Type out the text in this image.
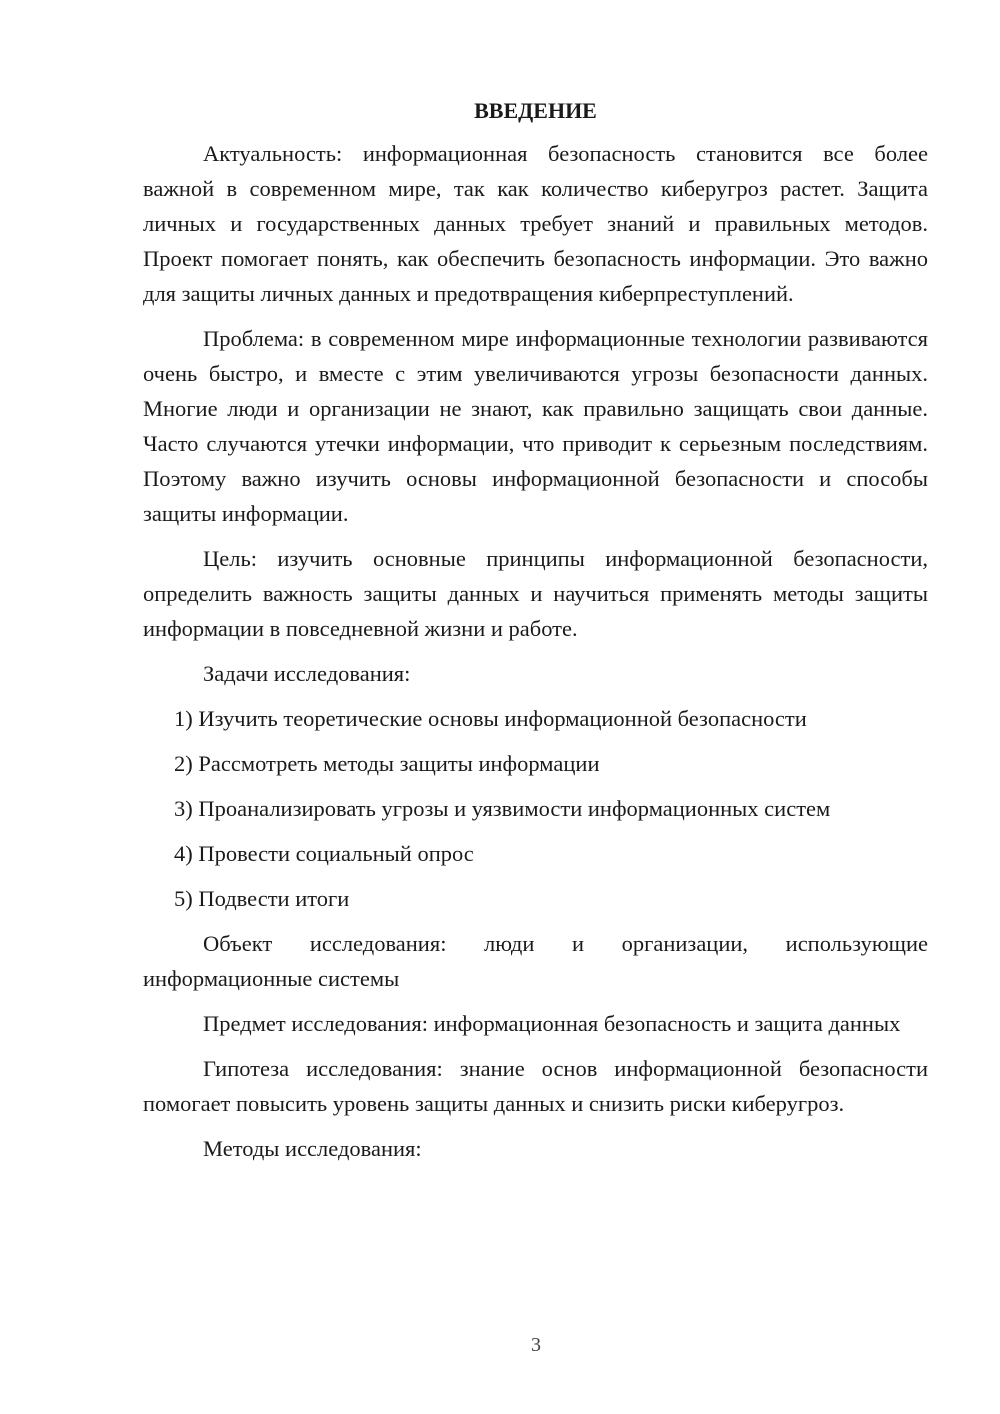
ВВЕДЕНИЕ

Актуальность: информационная безопасность становится все более важной в современном мире, так как количество киберугроз растет. Защита личных и государственных данных требует знаний и правильных методов. Проект помогает понять, как обеспечить безопасность информации. Это важно для защиты личных данных и предотвращения киберпреступлений.

Проблема: в современном мире информационные технологии развиваются очень быстро, и вместе с этим увеличиваются угрозы безопасности данных. Многие люди и организации не знают, как правильно защищать свои данные. Часто случаются утечки информации, что приводит к серьезным последствиям. Поэтому важно изучить основы информационной безопасности и способы защиты информации.

Цель: изучить основные принципы информационной безопасности, определить важность защиты данных и научиться применять методы защиты информации в повседневной жизни и работе.

Задачи исследования:

1) Изучить теоретические основы информационной безопасности
2) Рассмотреть методы защиты информации
3) Проанализировать угрозы и уязвимости информационных систем
4) Провести социальный опрос
5) Подвести итоги

Объект исследования: люди и организации, использующие информационные системы

Предмет исследования: информационная безопасность и защита данных

Гипотеза исследования: знание основ информационной безопасности помогает повысить уровень защиты данных и снизить риски киберугроз.

Методы исследования:

3
